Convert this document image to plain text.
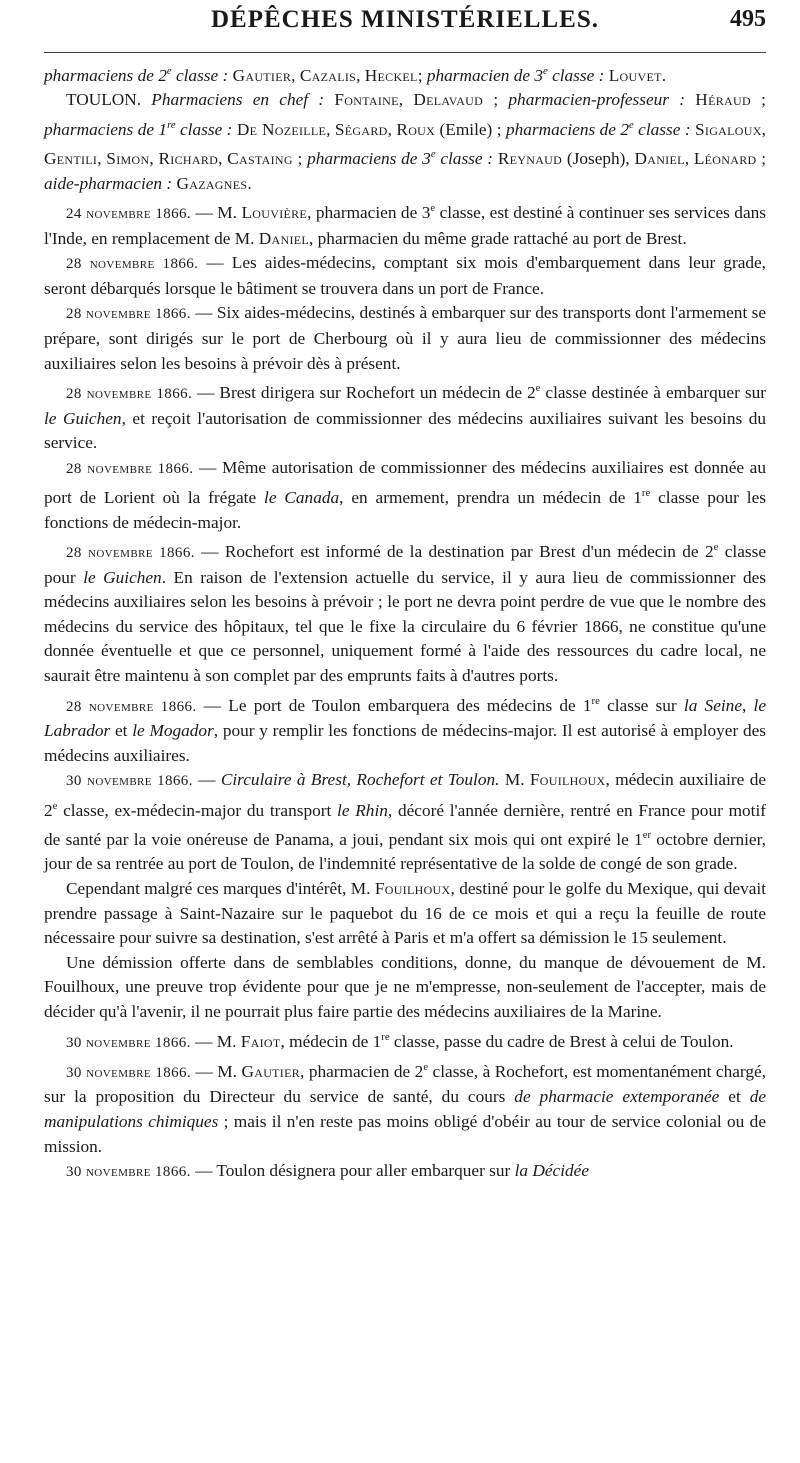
DÉPÊCHES MINISTÉRIELLES.	495

pharmaciens de 2e classe : Gautier, Cazalis, Heckel; pharmacien de 3e classe : Louvet.

TOULON. Pharmaciens en chef : Fontaine, Delavaud ; pharmacien-professeur : Héraud ; pharmaciens de 1re classe : De Nozeille, Ségard, Roux (Emile) ; pharmaciens de 2e classe : Sigaloux, Gentili, Simon, Richard, Castaing ; pharmaciens de 3e classe : Reynaud (Joseph), Daniel, Léonard ; aide-pharmacien : Gazagnes.

24 novembre 1866. — M. Louvière, pharmacien de 3e classe, est destiné à continuer ses services dans l'Inde, en remplacement de M. Daniel, pharmacien du même grade rattaché au port de Brest.

28 novembre 1866. — Les aides-médecins, comptant six mois d'embarquement dans leur grade, seront débarqués lorsque le bâtiment se trouvera dans un port de France.

28 novembre 1866. — Six aides-médecins, destinés à embarquer sur des transports dont l'armement se prépare, sont dirigés sur le port de Cherbourg où il y aura lieu de commissionner des médecins auxiliaires selon les besoins à prévoir dès à présent.

28 novembre 1866. — Brest dirigera sur Rochefort un médecin de 2e classe destinée à embarquer sur le Guichen, et reçoit l'autorisation de commissionner des médecins auxiliaires suivant les besoins du service.

28 novembre 1866. — Même autorisation de commissionner des médecins auxiliaires est donnée au port de Lorient où la frégate le Canada, en armement, prendra un médecin de 1re classe pour les fonctions de médecin-major.

28 novembre 1866. — Rochefort est informé de la destination par Brest d'un médecin de 2e classe pour le Guichen. En raison de l'extension actuelle du service, il y aura lieu de commissionner des médecins auxiliaires selon les besoins à prévoir ; le port ne devra point perdre de vue que le nombre des médecins du service des hôpitaux, tel que le fixe la circulaire du 6 février 1866, ne constitue qu'une donnée éventuelle et que ce personnel, uniquement formé à l'aide des ressources du cadre local, ne saurait être maintenu à son complet par des emprunts faits à d'autres ports.

28 novembre 1866. — Le port de Toulon embarquera des médecins de 1re classe sur la Seine, le Labrador et le Mogador, pour y remplir les fonctions de médecins-major. Il est autorisé à employer des médecins auxiliaires.

30 novembre 1866. — Circulaire à Brest, Rochefort et Toulon. M. Fouilhoux, médecin auxiliaire de 2e classe, ex-médecin-major du transport le Rhin, décoré l'année dernière, rentré en France pour motif de santé par la voie onéreuse de Panama, a joui, pendant six mois qui ont expiré le 1er octobre dernier, jour de sa rentrée au port de Toulon, de l'indemnité représentative de la solde de congé de son grade.

Cependant malgré ces marques d'intérêt, M. Fouilhoux, destiné pour le golfe du Mexique, qui devait prendre passage à Saint-Nazaire sur le paquebot du 16 de ce mois et qui a reçu la feuille de route nécessaire pour suivre sa destination, s'est arrêté à Paris et m'a offert sa démission le 15 seulement.

Une démission offerte dans de semblables conditions, donne, du manque de dévouement de M. Fouilhoux, une preuve trop évidente pour que je ne m'empresse, non-seulement de l'accepter, mais de décider qu'à l'avenir, il ne pourrait plus faire partie des médecins auxiliaires de la Marine.

30 novembre 1866. — M. Faiot, médecin de 1re classe, passe du cadre de Brest à celui de Toulon.

30 novembre 1866. — M. Gautier, pharmacien de 2e classe, à Rochefort, est momentanément chargé, sur la proposition du Directeur du service de santé, du cours de pharmacie extemporanée et de manipulations chimiques ; mais il n'en reste pas moins obligé d'obéir au tour de service colonial ou de mission.

30 novembre 1866. — Toulon désignera pour aller embarquer sur la Décidée
